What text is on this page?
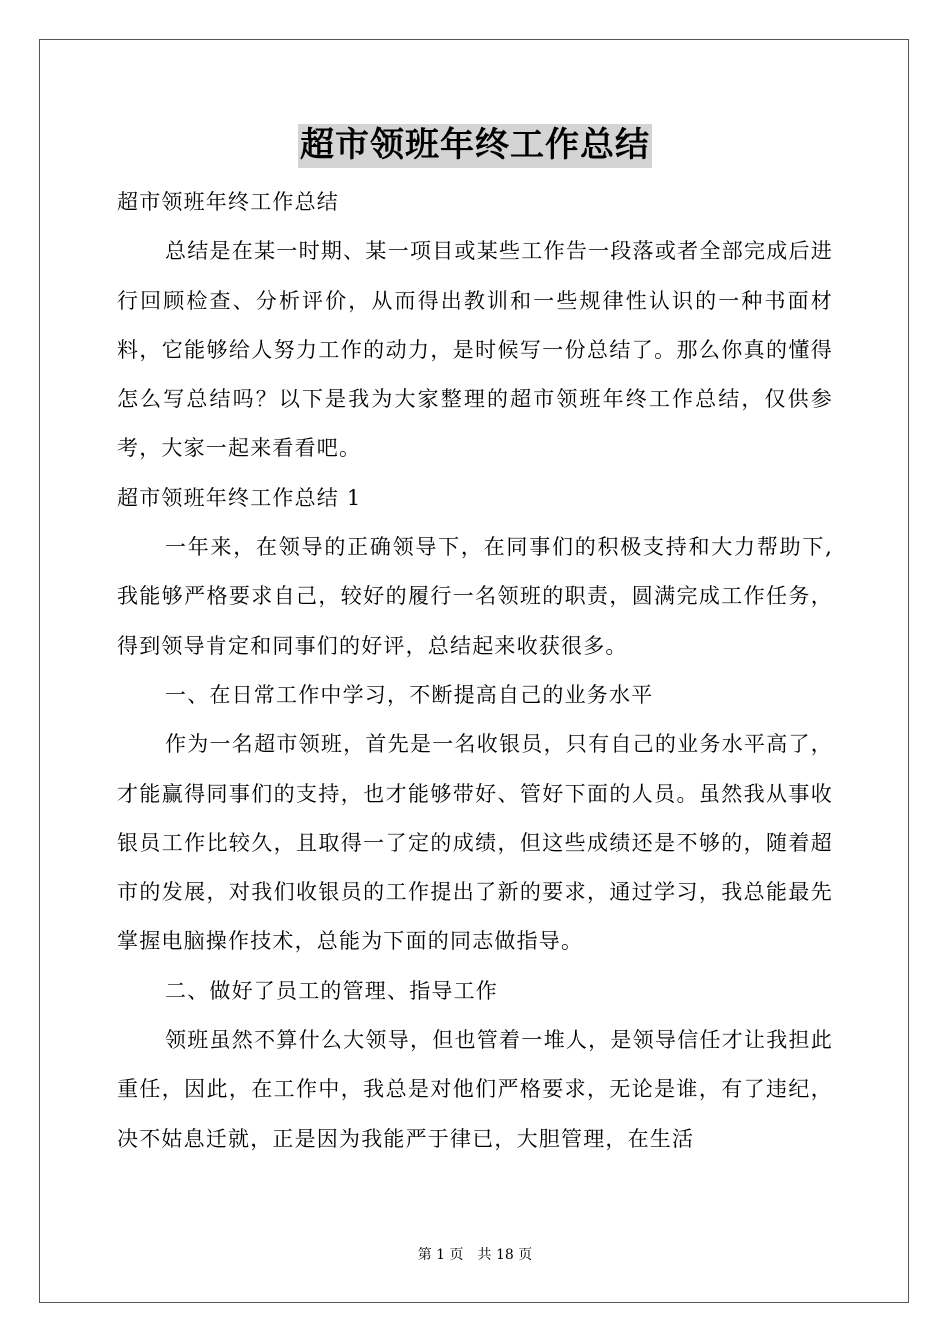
超市领班年终工作总结

超市领班年终工作总结

总结是在某一时期、某一项目或某些工作告一段落或者全部完成后进行回顾检查、分析评价，从而得出教训和一些规律性认识的一种书面材料，它能够给人努力工作的动力，是时候写一份总结了。那么你真的懂得怎么写总结吗？以下是我为大家整理的超市领班年终工作总结，仅供参考，大家一起来看看吧。

超市领班年终工作总结 1

一年来，在领导的正确领导下，在同事们的积极支持和大力帮助下,我能够严格要求自己，较好的履行一名领班的职责，圆满完成工作任务，得到领导肯定和同事们的好评，总结起来收获很多。

一、在日常工作中学习，不断提高自己的业务水平

作为一名超市领班，首先是一名收银员，只有自己的业务水平高了，才能赢得同事们的支持，也才能够带好、管好下面的人员。虽然我从事收银员工作比较久，且取得一了定的成绩，但这些成绩还是不够的，随着超市的发展，对我们收银员的工作提出了新的要求，通过学习，我总能最先掌握电脑操作技术，总能为下面的同志做指导。

二、做好了员工的管理、指导工作

领班虽然不算什么大领导，但也管着一堆人，是领导信任才让我担此重任，因此，在工作中，我总是对他们严格要求，无论是谁，有了违纪，决不姑息迁就，正是因为我能严于律已，大胆管理，在生活

第 1 页　共 18 页
